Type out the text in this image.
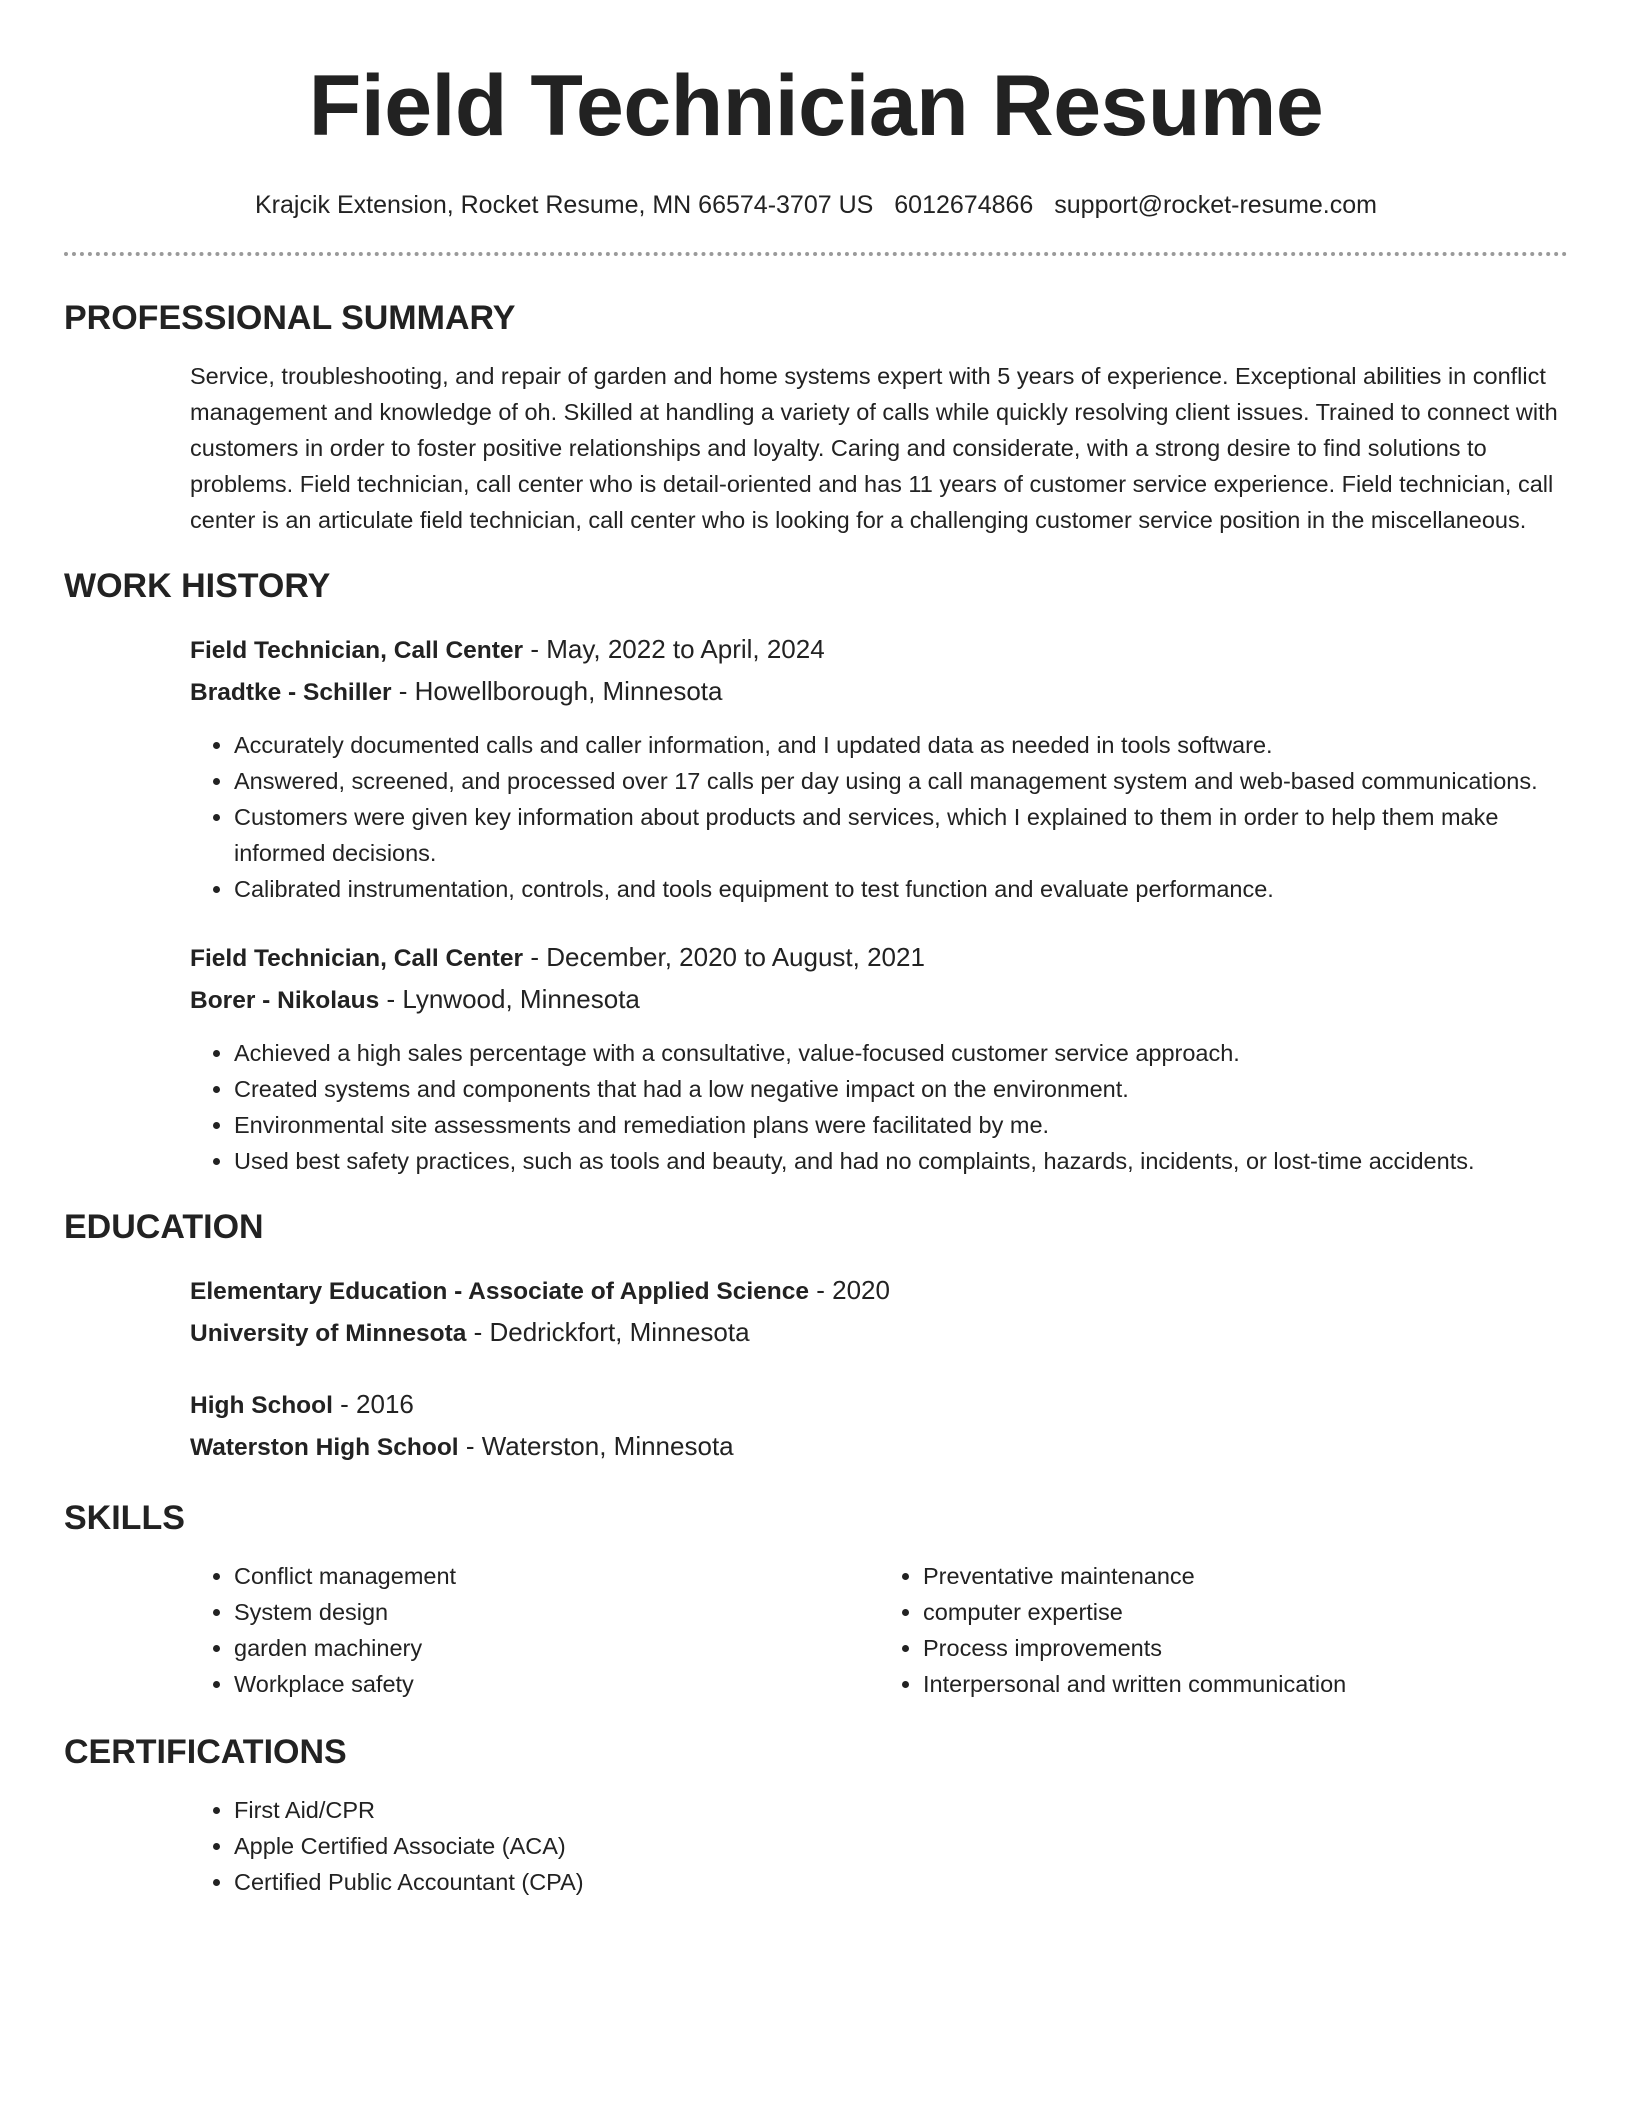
Field Technician Resume
Krajcik Extension, Rocket Resume, MN 66574-3707 US 6012674866 support@rocket-resume.com
PROFESSIONAL SUMMARY

Service, troubleshooting, and repair of garden and home systems expert with 5 years of experience. Exceptional abilities in conflict management and knowledge of oh. Skilled at handling a variety of calls while quickly resolving client issues. Trained to connect with customers in order to foster positive relationships and loyalty. Caring and considerate, with a strong desire to find solutions to problems. Field technician, call center who is detail-oriented and has 11 years of customer service experience. Field technician, call center is an articulate field technician, call center who is looking for a challenging customer service position in the miscellaneous.

WORK HISTORY
Field Technician, Call Center - May, 2022 to April, 2024
Bradtke - Schiller - Howellborough, Minnesota
• Accurately documented calls and caller information, and I updated data as needed in tools software.
• Answered, screened, and processed over 17 calls per day using a call management system and web-based communications.
• Customers were given key information about products and services, which I explained to them in order to help them make informed decisions.
• Calibrated instrumentation, controls, and tools equipment to test function and evaluate performance.
Field Technician, Call Center - December, 2020 to August, 2021
Borer - Nikolaus - Lynwood, Minnesota
• Achieved a high sales percentage with a consultative, value-focused customer service approach.
• Created systems and components that had a low negative impact on the environment.
• Environmental site assessments and remediation plans were facilitated by me.
• Used best safety practices, such as tools and beauty, and had no complaints, hazards, incidents, or lost-time accidents.
EDUCATION
Elementary Education - Associate of Applied Science - 2020
University of Minnesota - Dedrickfort, Minnesota
High School - 2016
Waterston High School - Waterston, Minnesota
SKILLS
• Conflict management
• System design
• garden machinery
• Workplace safety
• Preventative maintenance
• computer expertise
• Process improvements
• Interpersonal and written communication
CERTIFICATIONS
• First Aid/CPR
• Apple Certified Associate (ACA)
• Certified Public Accountant (CPA)
